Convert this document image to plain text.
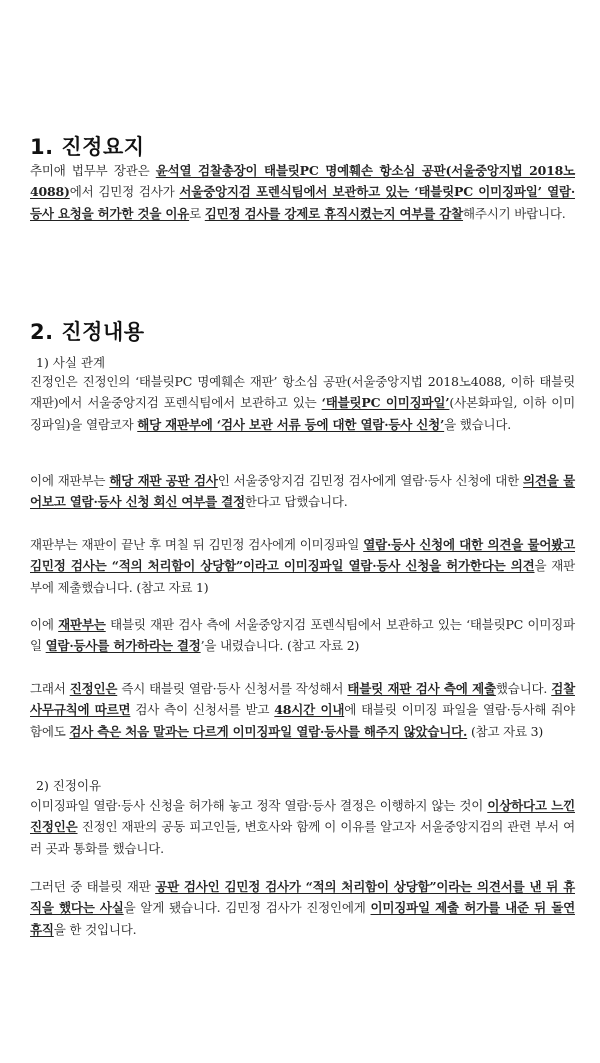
1. 진정요지
추미애 법무부 장관은 윤석열 검찰총장이 태블릿PC 명예훼손 항소심 공판(서울중앙지법 2018노4088)에서 김민정 검사가 서울중앙지검 포렌식팀에서 보관하고 있는 ‘태블릿PC 이미징파일’ 열람·등사 요청을 허가한 것을 이유로 김민정 검사를 강제로 휴직시켰는지 여부를 감찰해주시기 바랍니다.
2. 진정내용
1) 사실 관계
진정인은 진정인의 ‘태블릿PC 명예훼손 재판’ 항소심 공판(서울중앙지법 2018노4088, 이하 태블릿 재판)에서 서울중앙지검 포렌식팀에서 보관하고 있는 ‘태블릿PC 이미징파일’(사본화파일, 이하 이미징파일)을 열람코자 해당 재판부에 ‘검사 보관 서류 등에 대한 열람·등사 신청’을 했습니다.
이에 재판부는 해당 재판 공판 검사인 서울중앙지검 김민정 검사에게 열람·등사 신청에 대한 의견을 물어보고 열람·등사 신청 회신 여부를 결정한다고 답했습니다.
재판부는 재판이 끝난 후 며칠 뒤 김민정 검사에게 이미징파일 열람·등사 신청에 대한 의견을 물어봤고 김민정 검사는 “적의 처리함이 상당함”이라고 이미징파일 열람·등사 신청을 허가한다는 의견을 재판부에 제출했습니다. (참고 자료 1)
이에 재판부는 태블릿 재판 검사 측에 서울중앙지검 포렌식팀에서 보관하고 있는 ‘태블릿PC 이미징파일 열람·등사를 허가하라는 결정’을 내렸습니다. (참고 자료 2)
그래서 진정인은 즉시 태블릿 열람·등사 신청서를 작성해서 태블릿 재판 검사 측에 제출했습니다. 검찰 사무규칙에 따르면 검사 측이 신청서를 받고 48시간 이내에 태블릿 이미징 파일을 열람·등사해 줘야 함에도 검사 측은 처음 말과는 다르게 이미징파일 열람·등사를 해주지 않았습니다. (참고 자료 3)
2) 진정이유
이미징파일 열람·등사 신청을 허가해 놓고 정작 열람·등사 결정은 이행하지 않는 것이 이상하다고 느낀 진정인은 진정인 재판의 공동 피고인들, 변호사와 함께 이 이유를 알고자 서울중앙지검의 관련 부서 여러 곳과 통화를 했습니다.
그러던 중 태블릿 재판 공판 검사인 김민정 검사가 “적의 처리함이 상당함”이라는 의견서를 낸 뒤 휴직을 했다는 사실을 알게 됐습니다. 김민정 검사가 진정인에게 이미징파일 제출 허가를 내준 뒤 돌연 휴직을 한 것입니다.
